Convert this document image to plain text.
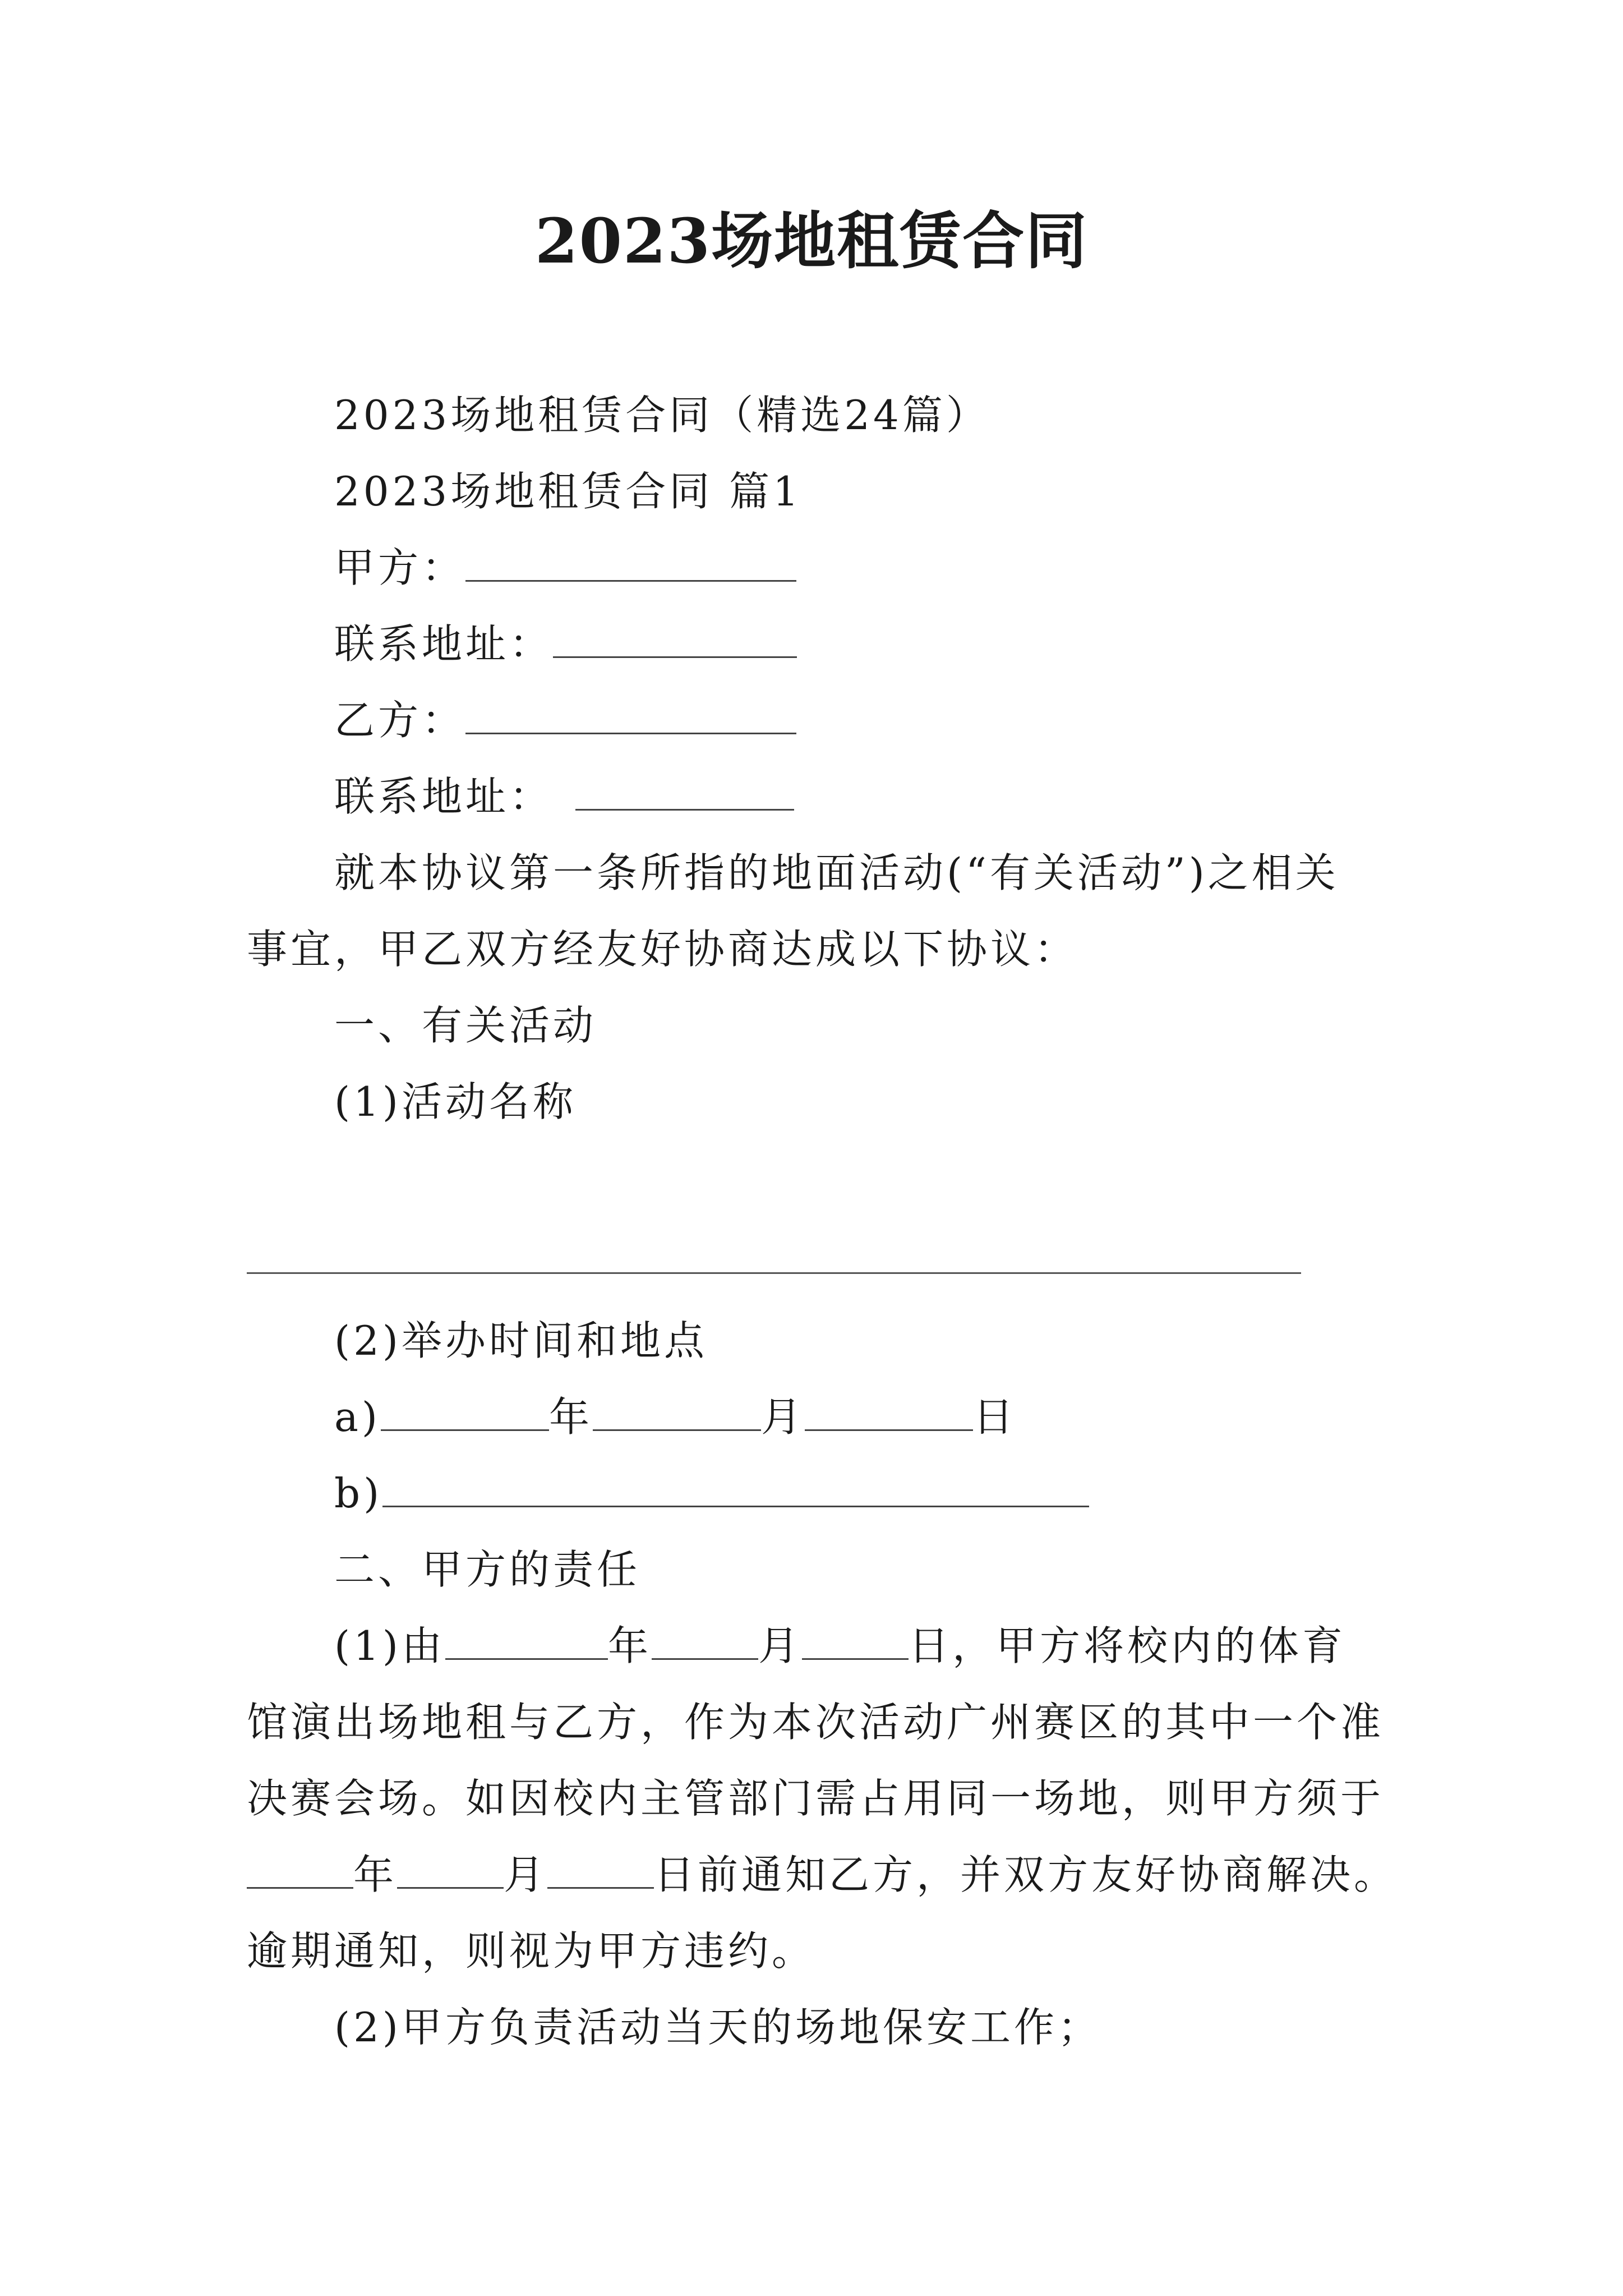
2023场地租赁合同
2023场地租赁合同（精选24篇）
2023场地租赁合同 篇1
甲方：
联系地址：
乙方：
联系地址：
就本协议第一条所指的地面活动(“有关活动”)之相关
事宜，甲乙双方经友好协商达成以下协议：
一、有关活动
(1)活动名称
(2)举办时间和地点
a)	年	月	日
b)
二、甲方的责任
(1)由	年	月	日，甲方将校内的体育
馆演出场地租与乙方，作为本次活动广州赛区的其中一个准
决赛会场。如因校内主管部门需占用同一场地，则甲方须于
年	月	日前通知乙方，并双方友好协商解决。
逾期通知，则视为甲方违约。
(2)甲方负责活动当天的场地保安工作；
